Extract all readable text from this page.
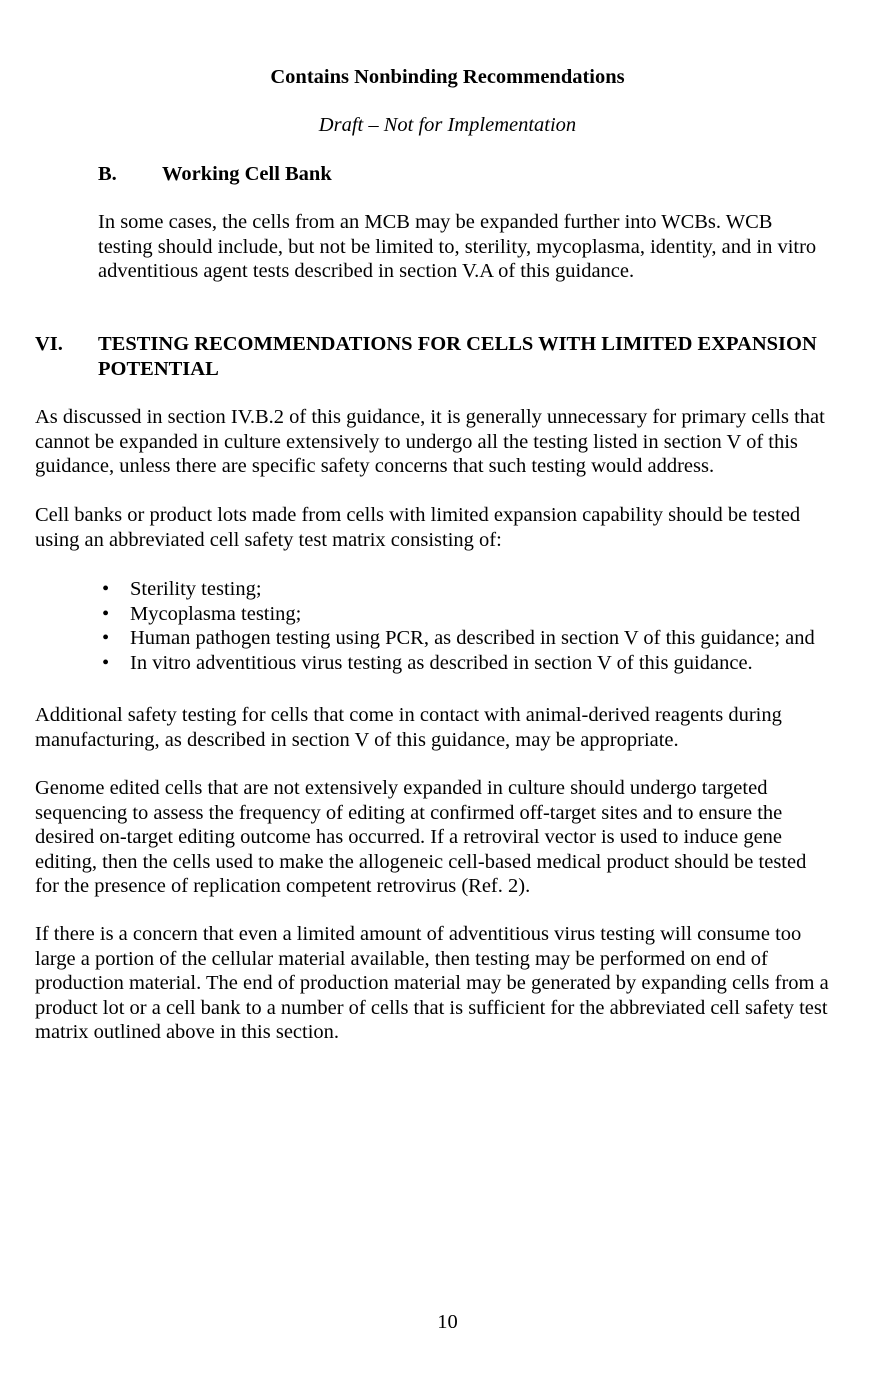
Contains Nonbinding Recommendations
Draft – Not for Implementation
B. Working Cell Bank
In some cases, the cells from an MCB may be expanded further into WCBs. WCB
testing should include, but not be limited to, sterility, mycoplasma, identity, and in vitro
adventitious agent tests described in section V.A of this guidance.
VI. TESTING RECOMMENDATIONS FOR CELLS WITH LIMITED EXPANSION
POTENTIAL
As discussed in section IV.B.2 of this guidance, it is generally unnecessary for primary cells that
cannot be expanded in culture extensively to undergo all the testing listed in section V of this
guidance, unless there are specific safety concerns that such testing would address.
Cell banks or product lots made from cells with limited expansion capability should be tested
using an abbreviated cell safety test matrix consisting of:
• Sterility testing;
• Mycoplasma testing;
• Human pathogen testing using PCR, as described in section V of this guidance; and
• In vitro adventitious virus testing as described in section V of this guidance.
Additional safety testing for cells that come in contact with animal-derived reagents during
manufacturing, as described in section V of this guidance, may be appropriate.
Genome edited cells that are not extensively expanded in culture should undergo targeted
sequencing to assess the frequency of editing at confirmed off-target sites and to ensure the
desired on-target editing outcome has occurred. If a retroviral vector is used to induce gene
editing, then the cells used to make the allogeneic cell-based medical product should be tested
for the presence of replication competent retrovirus (Ref. 2).
If there is a concern that even a limited amount of adventitious virus testing will consume too
large a portion of the cellular material available, then testing may be performed on end of
production material. The end of production material may be generated by expanding cells from a
product lot or a cell bank to a number of cells that is sufficient for the abbreviated cell safety test
matrix outlined above in this section.
10
